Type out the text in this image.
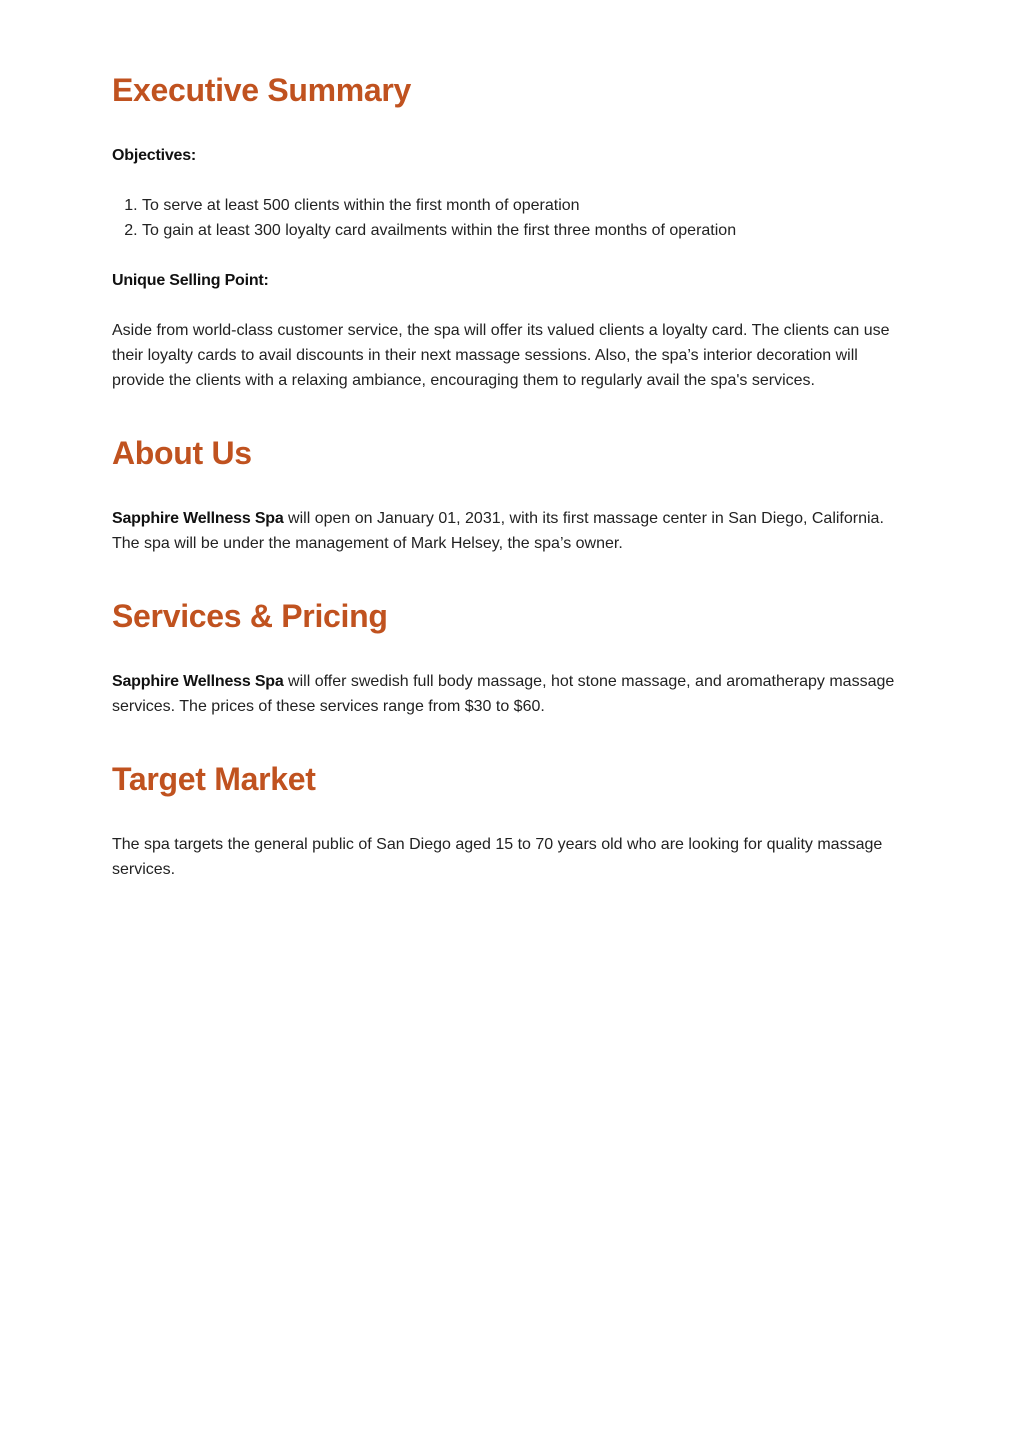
Executive Summary

Objectives:

1. To serve at least 500 clients within the first month of operation
2. To gain at least 300 loyalty card availments within the first three months of operation

Unique Selling Point:

Aside from world-class customer service, the spa will offer its valued clients a loyalty card. The clients can use their loyalty cards to avail discounts in their next massage sessions. Also, the spa’s interior decoration will provide the clients with a relaxing ambiance, encouraging them to regularly avail the spa's services.

About Us

Sapphire Wellness Spa will open on January 01, 2031, with its first massage center in San Diego, California. The spa will be under the management of Mark Helsey, the spa’s owner.

Services & Pricing

Sapphire Wellness Spa will offer swedish full body massage, hot stone massage, and aromatherapy massage services. The prices of these services range from $30 to $60.

Target Market

The spa targets the general public of San Diego aged 15 to 70 years old who are looking for quality massage services.
